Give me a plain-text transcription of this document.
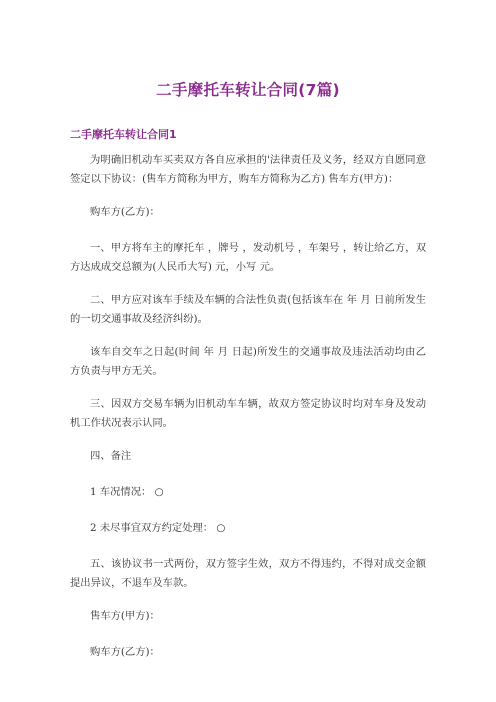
二手摩托车转让合同(7篇)
二手摩托车转让合同1

为明确旧机动车买卖双方各自应承担的'法律责任及义务，经双方自愿同意签定以下协议：(售车方简称为甲方，购车方简称为乙方) 售车方(甲方)：

购车方(乙方)：

一、甲方将车主的摩托车 ，牌号 ，发动机号 ，车架号 ，转让给乙方，双方达成成交总额为(人民币大写) 元，小写 元。

二、甲方应对该车手续及车辆的合法性负责(包括该车在 年 月 日前所发生的一切交通事故及经济纠纷)。

该车自交车之日起(时间 年 月 日起)所发生的交通事故及违法活动均由乙方负责与甲方无关。

三、因双方交易车辆为旧机动车车辆，故双方签定协议时均对车身及发动机工作状况表示认同。

四、备注

1 车况情况： ○

2 未尽事宜双方约定处理： ○

五、该协议书一式两份，双方签字生效，双方不得违约，不得对成交金额提出异议，不退车及车款。

售车方(甲方)：

购车方(乙方)：
